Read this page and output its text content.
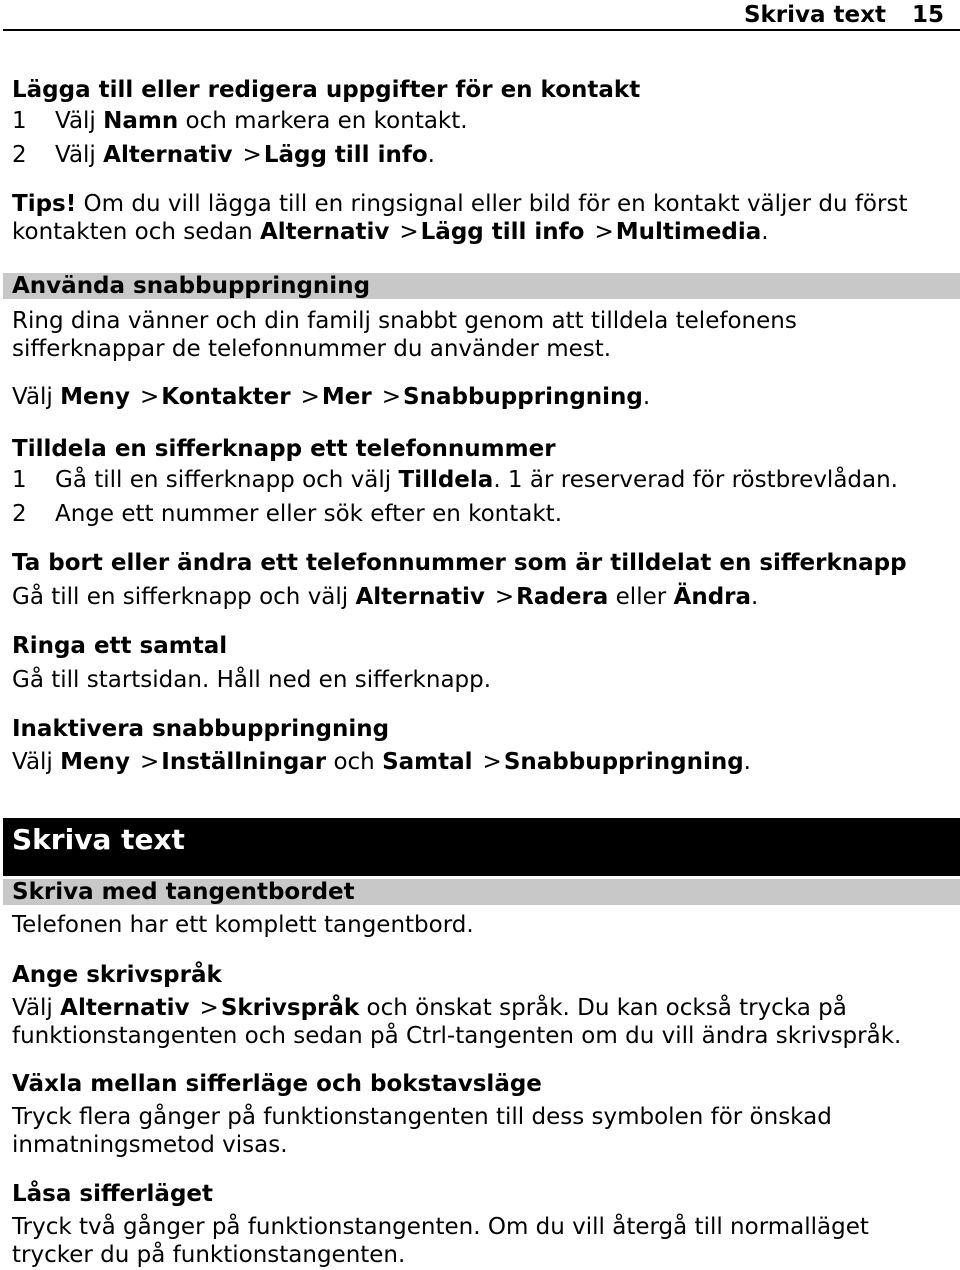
Skriva text 15
Lägga till eller redigera uppgifter för en kontakt
1 Välj Namn och markera en kontakt.
2 Välj Alternativ >Lägg till info.
Tips! Om du vill lägga till en ringsignal eller bild för en kontakt väljer du först kontakten och sedan Alternativ >Lägg till info >Multimedia.
Använda snabbuppringning
Ring dina vänner och din familj snabbt genom att tilldela telefonens sifferknappar de telefonnummer du använder mest.
Välj Meny >Kontakter >Mer >Snabbuppringning.
Tilldela en sifferknapp ett telefonnummer
1 Gå till en sifferknapp och välj Tilldela. 1 är reserverad för röstbrevlådan.
2 Ange ett nummer eller sök efter en kontakt.
Ta bort eller ändra ett telefonnummer som är tilldelat en sifferknapp
Gå till en sifferknapp och välj Alternativ >Radera eller Ändra.
Ringa ett samtal
Gå till startsidan. Håll ned en sifferknapp.
Inaktivera snabbuppringning
Välj Meny >Inställningar och Samtal >Snabbuppringning.
Skriva text
Skriva med tangentbordet
Telefonen har ett komplett tangentbord.
Ange skrivspråk
Välj Alternativ >Skrivspråk och önskat språk. Du kan också trycka på funktionstangenten och sedan på Ctrl-tangenten om du vill ändra skrivspråk.
Växla mellan sifferläge och bokstavsläge
Tryck flera gånger på funktionstangenten till dess symbolen för önskad inmatningsmetod visas.
Låsa sifferläget
Tryck två gånger på funktionstangenten. Om du vill återgå till normalläget trycker du på funktionstangenten.
